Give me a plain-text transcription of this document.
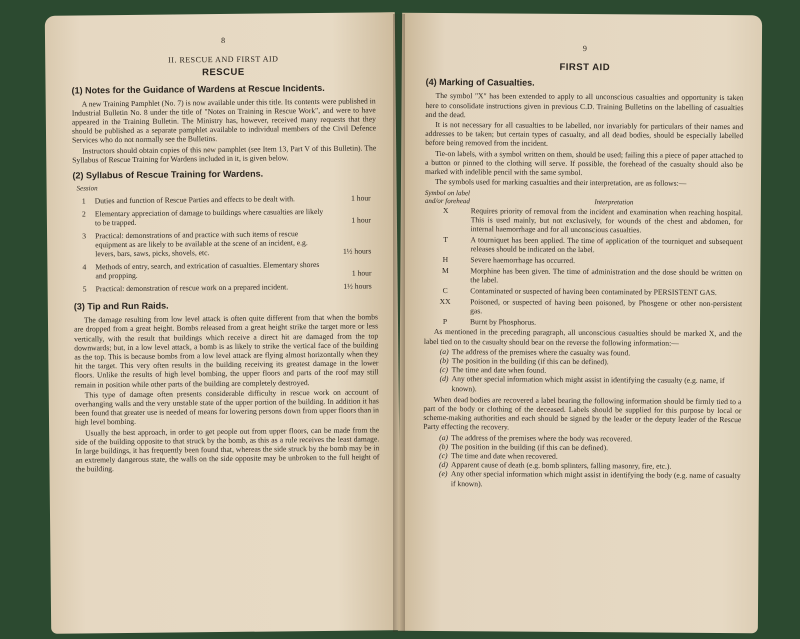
8
II. RESCUE AND FIRST AID
RESCUE
(1) Notes for the Guidance of Wardens at Rescue Incidents.

A new Training Pamphlet (No. 7) is now available under this title. Its contents were published in Industrial Bulletin No. 8 under the title of "Notes on Training in Rescue Work", and were to have appeared in the Training Bulletin. The Ministry has, however, received many requests that they should be published as a separate pamphlet available to individual members of the Civil Defence Services who do not normally see the Bulletins.

Instructors should obtain copies of this new pamphlet (see Item 13, Part V of this Bulletin). The Syllabus of Rescue Training for Wardens included in it, is given below.

(2) Syllabus of Rescue Training for Wardens.
Session
1	Duties and function of Rescue Parties and effects to be dealt with.	1 hour
2	Elementary appreciation of damage to buildings where casualties are likely to be trapped.	1 hour
3	Practical: demonstrations of and practice with such items of rescue equipment as are likely to be available at the scene of an incident, e.g. levers, bars, saws, picks, shovels, etc.	1½ hours
4	Methods of entry, search, and extrication of casualties. Elementary shores and propping.	1 hour
5	Practical: demonstration of rescue work on a prepared incident.	1½ hours
(3) Tip and Run Raids.

The damage resulting from low level attack is often quite different from that when the bombs are dropped from a great height. Bombs released from a great height strike the target more or less vertically, with the result that buildings which receive a direct hit are damaged from the top downwards; but, in a low level attack, a bomb is as likely to strike the vertical face of the building as the top. This is because bombs from a low level attack are flying almost horizontally when they hit the target. This very often results in the building receiving its greatest damage in the lower floors. Unlike the results of high level bombing, the upper floors and parts of the roof may still remain in position while other parts of the building are completely destroyed.

This type of damage often presents considerable difficulty in rescue work on account of overhanging walls and the very unstable state of the upper portion of the building. In addition it has been found that greater use is needed of means for lowering persons down from upper floors than in high level bombing.

Usually the best approach, in order to get people out from upper floors, can be made from the side of the building opposite to that struck by the bomb, as this as a rule receives the least damage. In large buildings, it has frequently been found that, whereas the side struck by the bomb may be in an extremely dangerous state, the walls on the side opposite may be unbroken to the full height of the building.

9
FIRST AID
(4) Marking of Casualties.

The symbol "X" has been extended to apply to all unconscious casualties and opportunity is taken here to consolidate instructions given in previous C.D. Training Bulletins on the labelling of casualties and the dead.

It is not necessary for all casualties to be labelled, nor invariably for particulars of their names and addresses to be taken; but certain types of casualty, and all dead bodies, should be especially labelled before being removed from the incident.

Tie-on labels, with a symbol written on them, should be used; failing this a piece of paper attached to a button or pinned to the clothing will serve. If possible, the forehead of the casualty should also be marked with indelible pencil with the same symbol.

The symbols used for marking casualties and their interpretation, are as follows:—

Symbol on label and/or forehead	Interpretation
X	Requires priority of removal from the incident and examination when reaching hospital. This is used mainly, but not exclusively, for wounds of the chest and abdomen, for internal haemorrhage and for all unconscious casualties.
T	A tourniquet has been applied. The time of application of the tourniquet and subsequent releases should be indicated on the label.
H	Severe haemorrhage has occurred.
M	Morphine has been given. The time of administration and the dose should be written on the label.
C	Contaminated or suspected of having been contaminated by PERSISTENT GAS.
XX	Poisoned, or suspected of having been poisoned, by Phosgene or other non-persistent gas.
P	Burnt by Phosphorus.

As mentioned in the preceding paragraph, all unconscious casualties should be marked X, and the label tied on to the casualty should bear on the reverse the following information:—

(a) The address of the premises where the casualty was found.
(b) The position in the building (if this can be defined).
(c) The time and date when found.
(d) Any other special information which might assist in identifying the casualty (e.g. name, if known).

When dead bodies are recovered a label bearing the following information should be firmly tied to a part of the body or clothing of the deceased. Labels should be supplied for this purpose by local or scheme-making authorities and each should be signed by the leader or the deputy leader of the Rescue Party effecting the recovery.

(a) The address of the premises where the body was recovered.
(b) The position in the building (if this can be defined).
(c) The time and date when recovered.
(d) Apparent cause of death (e.g. bomb splinters, falling masonry, fire, etc.).
(e) Any other special information which might assist in identifying the body (e.g. name of casualty if known).
